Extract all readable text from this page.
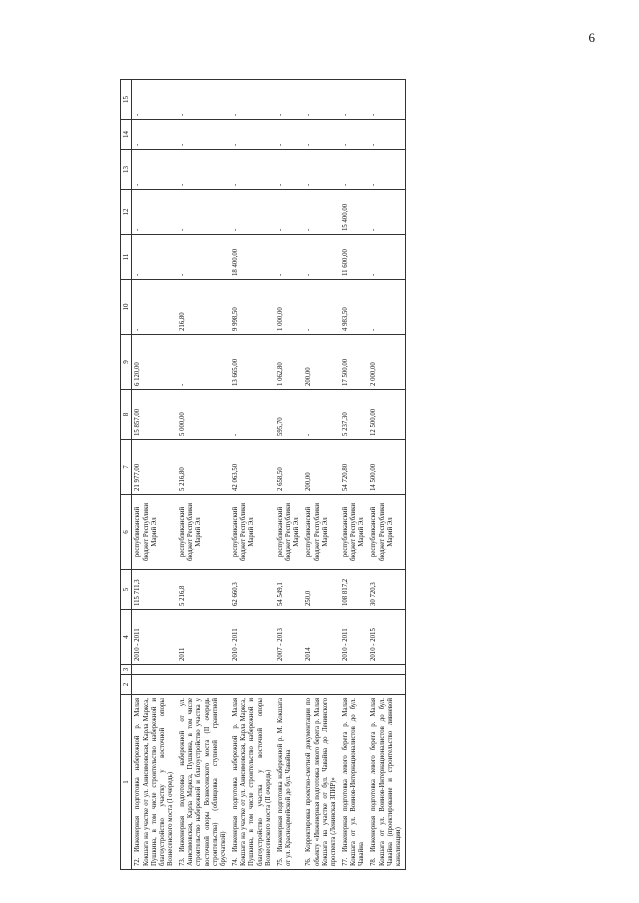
6
1	2	3	4	5	6	7	8	9	10	11	12	13	14	15
72.Инженерная подготовка набережной р. Малая Кокшага на участке от ул. Анисимовская, Карла Маркса, Пушкина, в том числе строительство набережной и благоустройство участку у восточной опоры Вознесенского моста (I очередь)			2010 - 2011	115 711,3	республиканский бюджет Республики Марий Эл	21 977,00	15 857,00	6 120,00	-	-	-	-	-	-
73.Инженерная подготовка набережной от ул. Анисимовская, Карла Маркса, Пушкина, в том числе строительство набережной и благоустройство участка у восточной опоры Вознесенского моста (II очередь строительства) (облицовка ступеней гранитной брусчаткой)			2011	5 216,8	республиканский бюджет Республики Марий Эл	5 216,80	5 000,00	-	216,80	-	-	-	-	-
74.Инженерная подготовка набережной р. Малая Кокшага на участке от ул. Анисимовская, Карла Маркса, Пушкина, в том числе строительство набережной и благоустройство участка у восточной опоры Вознесенского моста (II очередь)			2010 - 2011	62 660,3	республиканский бюджет Республики Марий Эл	42 063,50	-	13 665,00	9 998,50	18 400,00	-	-	-	-
75.Инженерная подготовка набережной р. М. Кокшага от ул. Красноармейской до бул. Чавайна			2007 - 2013	54 549,1	республиканский бюджет Республики Марий Эл	2 658,50	595,70	1 062,80	1 000,00	-	-	-	-	-
76.Корректировка проектно-сметной документации по объекту «Инженерная подготовка левого берега р. Малая Кокшага на участке от бул. Чавайна до Ленинского проспекта (Ленинская ЗПИР)»			2014	250,0	республиканский бюджет Республики Марий Эл	200,00	-	200,00	-	-	-	-	-	-
77.Инженерная подготовка левого берега р. Малая Кокшага от ул. Воинов-Интернационалистов до бул. Чавайна			2010 - 2011	108 817,2	республиканский бюджет Республики Марий Эл	54 720,80	5 237,30	17 500,00	4 983,50	11 600,00	15 400,00	-	-	-
78.Инженерная подготовка левого берега р. Малая Кокшага от ул. Воинов-Интернационалистов до бул. Чавайна (проектирование и строительство ливневой канализации)			2010 - 2015	30 720,3	республиканский бюджет Республики Марий Эл	14 500,00	12 500,00	2 000,00	-	-	-	-	-	-
